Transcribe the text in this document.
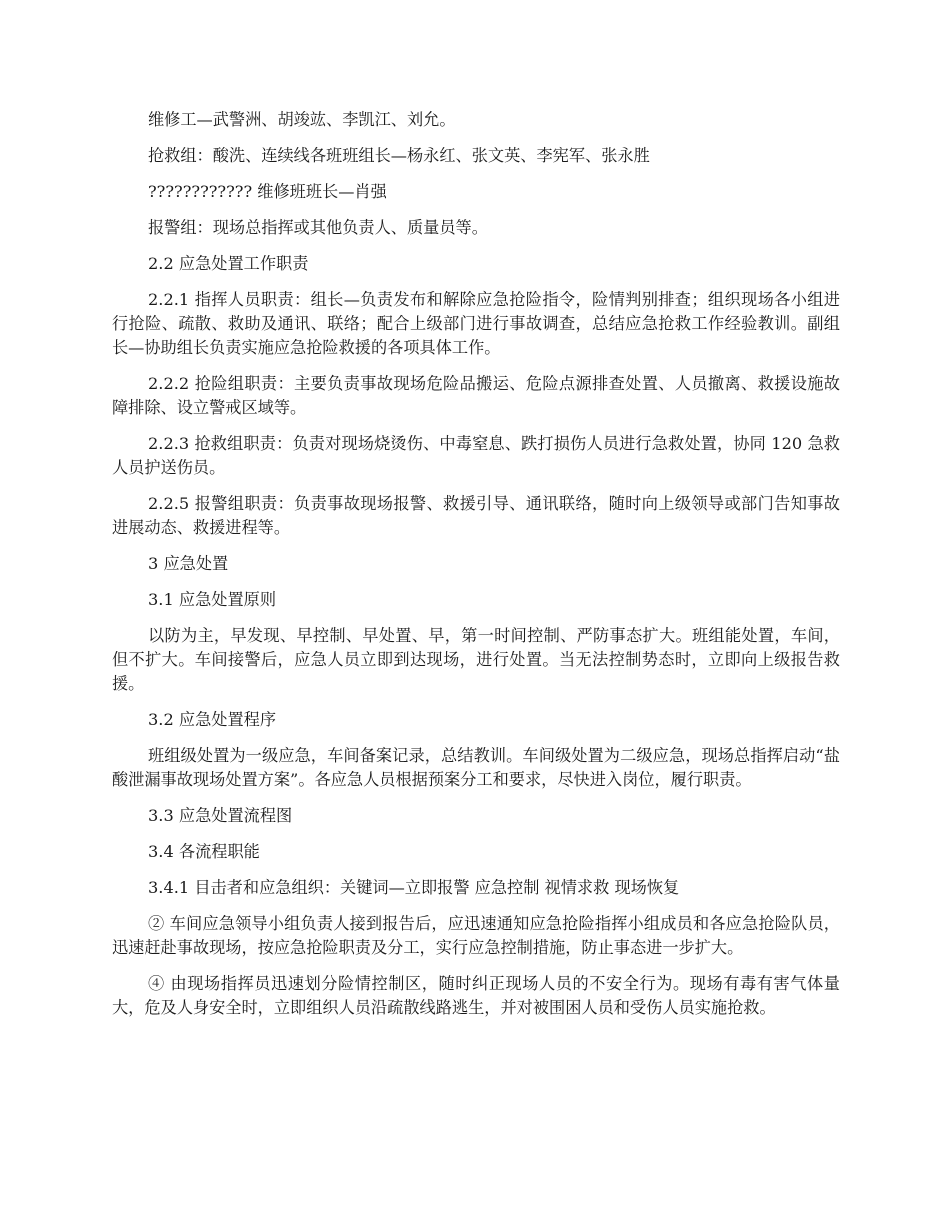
维修工—武警洲、胡竣竑、李凯江、刘允。

抢救组：酸洗、连续线各班班组长—杨永红、张文英、李宪军、张永胜

???????????? 维修班班长—肖强

报警组：现场总指挥或其他负责人、质量员等。

2.2 应急处置工作职责

2.2.1 指挥人员职责：组长—负责发布和解除应急抢险指令，险情判别排查；组织现场各小组进行抢险、疏散、救助及通讯、联络；配合上级部门进行事故调查，总结应急抢救工作经验教训。副组长—协助组长负责实施应急抢险救援的各项具体工作。

2.2.2 抢险组职责：主要负责事故现场危险品搬运、危险点源排查处置、人员撤离、救援设施故障排除、设立警戒区域等。

2.2.3 抢救组职责：负责对现场烧烫伤、中毒窒息、跌打损伤人员进行急救处置，协同 120 急救人员护送伤员。

2.2.5 报警组职责：负责事故现场报警、救援引导、通讯联络，随时向上级领导或部门告知事故进展动态、救援进程等。

3 应急处置

3.1 应急处置原则

以防为主，早发现、早控制、早处置、早，第一时间控制、严防事态扩大。班组能处置，车间，但不扩大。车间接警后，应急人员立即到达现场，进行处置。当无法控制势态时，立即向上级报告救援。

3.2 应急处置程序

班组级处置为一级应急，车间备案记录，总结教训。车间级处置为二级应急，现场总指挥启动“盐酸泄漏事故现场处置方案”。各应急人员根据预案分工和要求，尽快进入岗位，履行职责。

3.3 应急处置流程图

3.4 各流程职能

3.4.1 目击者和应急组织：关键词—立即报警 应急控制 视情求救 现场恢复

② 车间应急领导小组负责人接到报告后，应迅速通知应急抢险指挥小组成员和各应急抢险队员，迅速赶赴事故现场，按应急抢险职责及分工，实行应急控制措施，防止事态进一步扩大。

④ 由现场指挥员迅速划分险情控制区，随时纠正现场人员的不安全行为。现场有毒有害气体量大，危及人身安全时，立即组织人员沿疏散线路逃生，并对被围困人员和受伤人员实施抢救。
